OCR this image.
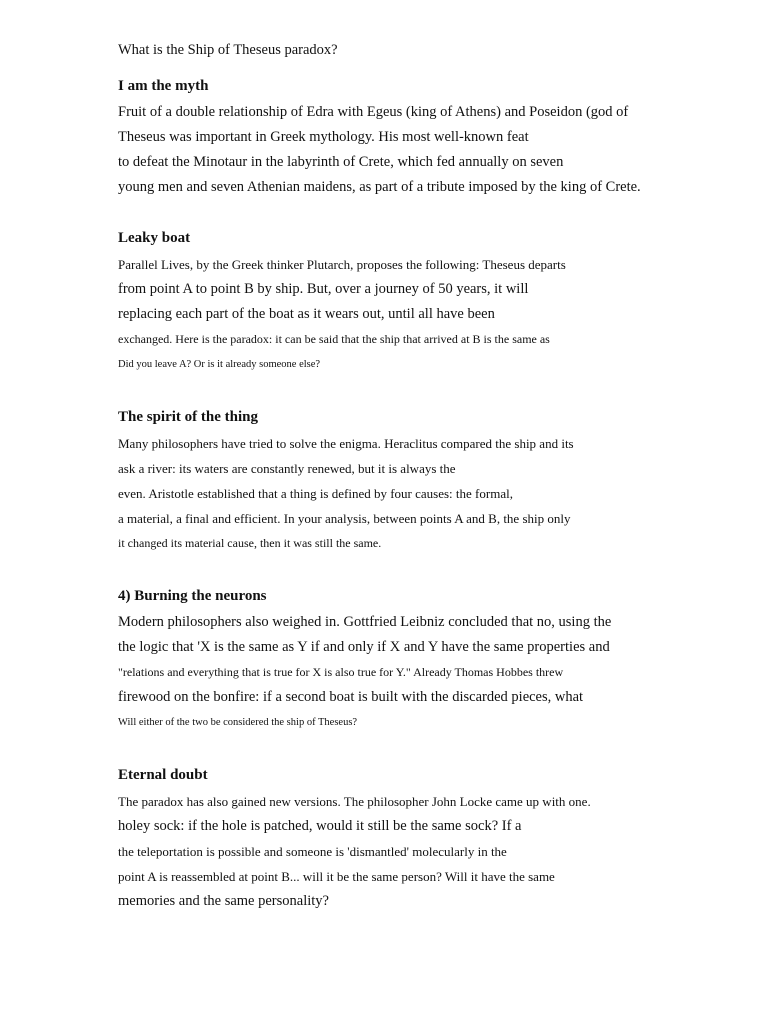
What is the Ship of Theseus paradox?
I am the myth
Fruit of a double relationship of Edra with Egeus (king of Athens) and Poseidon (god of
Theseus was important in Greek mythology. His most well-known feat
to defeat the Minotaur in the labyrinth of Crete, which fed annually on seven
young men and seven Athenian maidens, as part of a tribute imposed by the king of Crete.
Leaky boat
Parallel Lives, by the Greek thinker Plutarch, proposes the following: Theseus departs
from point A to point B by ship. But, over a journey of 50 years, it will
replacing each part of the boat as it wears out, until all have been
exchanged. Here is the paradox: it can be said that the ship that arrived at B is the same as
Did you leave A? Or is it already someone else?
The spirit of the thing
Many philosophers have tried to solve the enigma. Heraclitus compared the ship and its
ask a river: its waters are constantly renewed, but it is always the
even. Aristotle established that a thing is defined by four causes: the formal,
a material, a final and efficient. In your analysis, between points A and B, the ship only
it changed its material cause, then it was still the same.
4) Burning the neurons
Modern philosophers also weighed in. Gottfried Leibniz concluded that no, using the
the logic that 'X is the same as Y if and only if X and Y have the same properties and
"relations and everything that is true for X is also true for Y." Already Thomas Hobbes threw
firewood on the bonfire: if a second boat is built with the discarded pieces, what
Will either of the two be considered the ship of Theseus?
Eternal doubt
The paradox has also gained new versions. The philosopher John Locke came up with one.
holey sock: if the hole is patched, would it still be the same sock? If a
the teleportation is possible and someone is 'dismantled' molecularly in the
point A is reassembled at point B... will it be the same person? Will it have the same
memories and the same personality?
